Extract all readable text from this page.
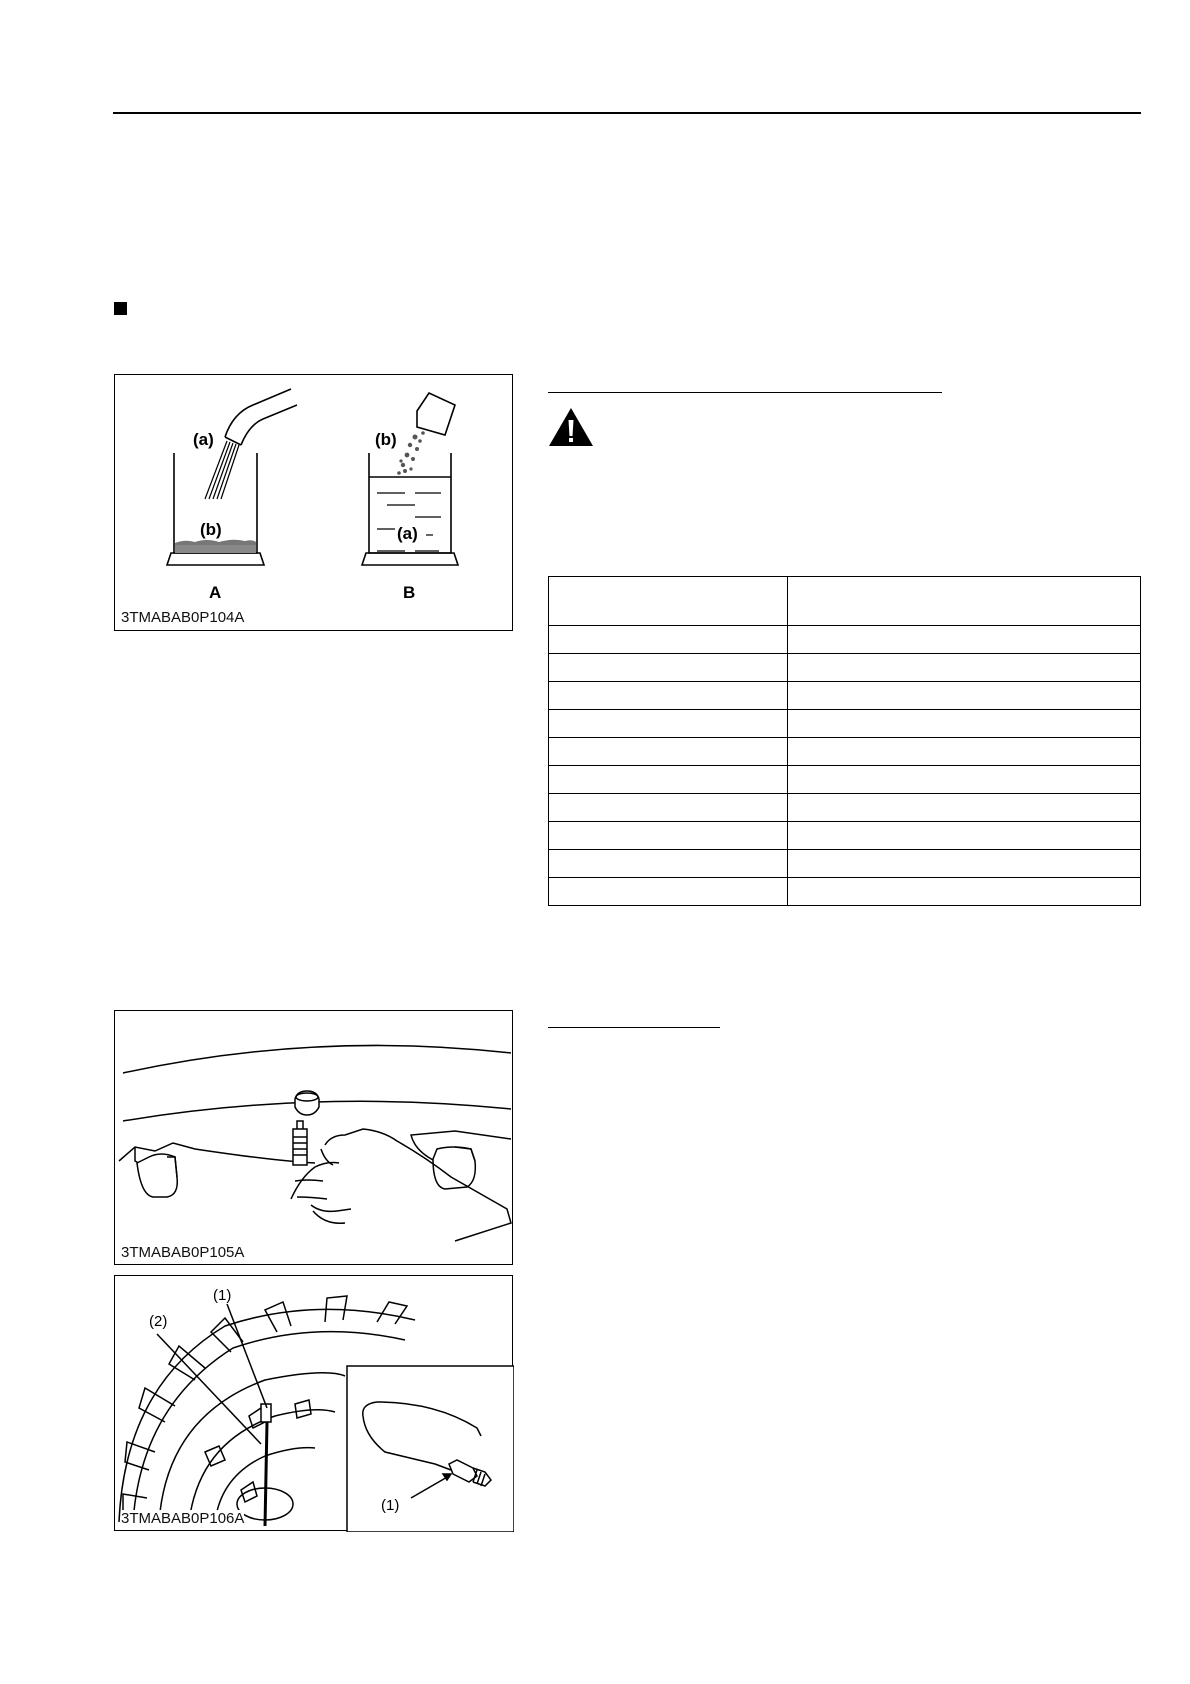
(a)	(b)
(b)	(a)
A	B
3TMABAB0P104A

3TMABAB0P105A
(1)
(2)
(1)
3TMABAB0P106A
